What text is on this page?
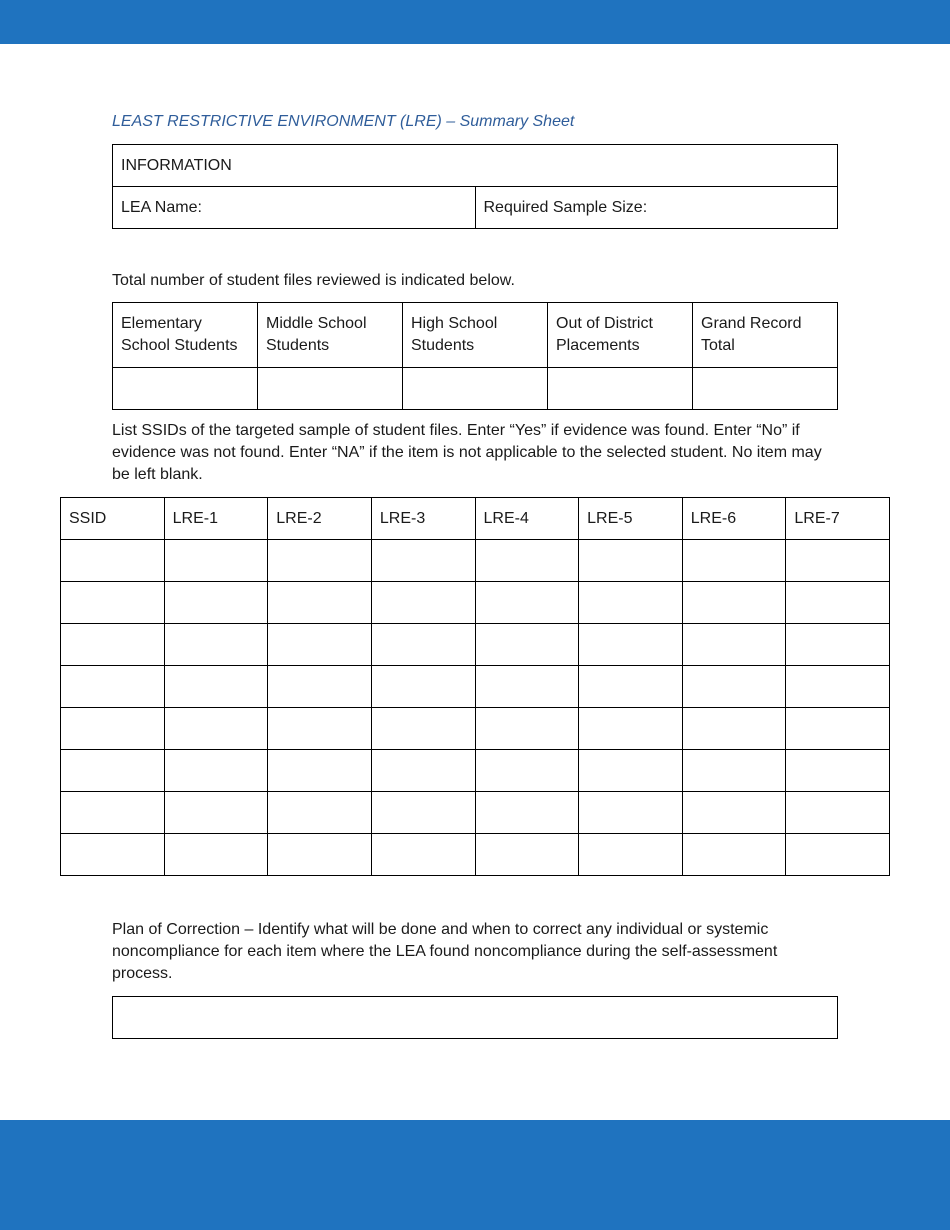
LEAST RESTRICTIVE ENVIRONMENT (LRE) – Summary Sheet
INFORMATION
LEA Name:	Required Sample Size:
Total number of student files reviewed is indicated below.
Elementary School Students	Middle School Students	High School Students	Out of District Placements	Grand Record Total

List SSIDs of the targeted sample of student files. Enter “Yes” if evidence was found. Enter “No” if evidence was not found. Enter “NA” if the item is not applicable to the selected student. No item may be left blank.
SSID	LRE-1	LRE-2	LRE-3	LRE-4	LRE-5	LRE-6	LRE-7

Plan of Correction – Identify what will be done and when to correct any individual or systemic noncompliance for each item where the LEA found noncompliance during the self-assessment process.
